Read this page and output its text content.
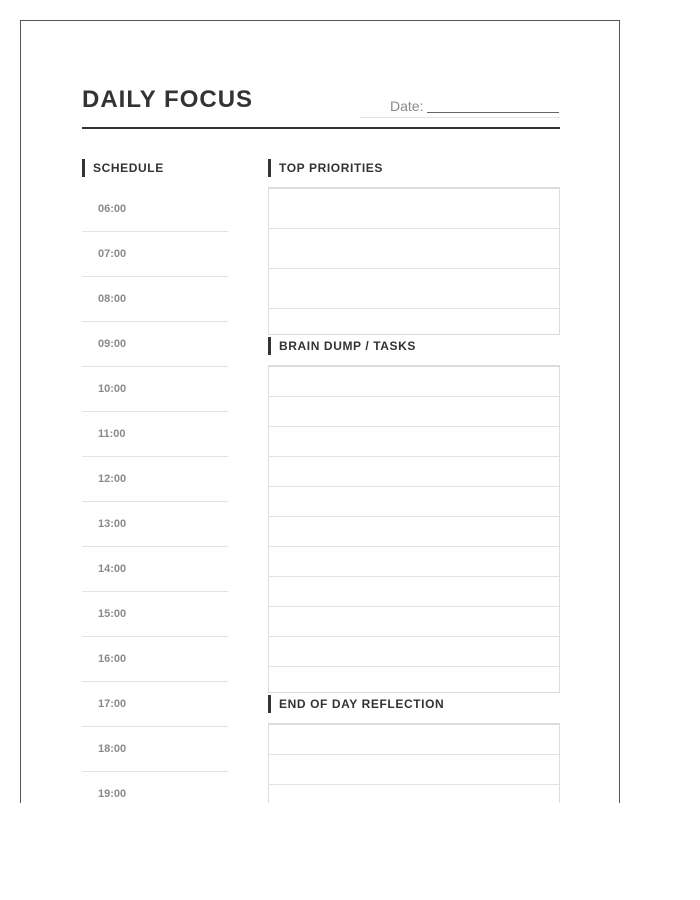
DAILY FOCUS	Date:
SCHEDULE
06:00
07:00
08:00
09:00
10:00
11:00
12:00
13:00
14:00
15:00
16:00
17:00
18:00
19:00
TOP PRIORITIES
BRAIN DUMP / TASKS
END OF DAY REFLECTION
